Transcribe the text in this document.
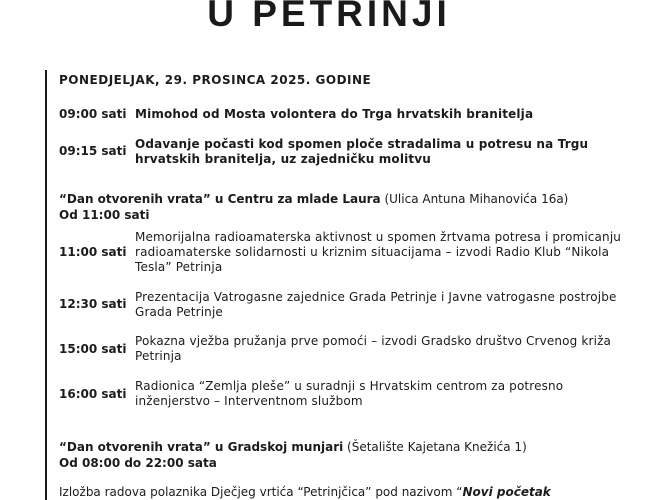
U PETRINJI
PONEDJELJAK, 29. PROSINCA 2025. GODINE
09:00 sati Mimohod od Mosta volontera do Trga hrvatskih branitelja
09:15 sati Odavanje počasti kod spomen ploče stradalima u potresu na Trgu hrvatskih branitelja, uz zajedničku molitvu
“Dan otvorenih vrata” u Centru za mlade Laura (Ulica Antuna Mihanovića 16a)
Od 11:00 sati
11:00 sati
Memorijalna radioamaterska aktivnost u spomen žrtvama potresa i promicanju radioamaterske solidarnosti u kriznim situacijama – izvodi Radio Klub “Nikola Tesla” Petrinja
12:30 sati Prezentacija Vatrogasne zajednice Grada Petrinje i Javne vatrogasne postrojbe Grada Petrinje
15:00 sati
Pokazna vježba pružanja prve pomoći – izvodi Gradsko društvo Crvenog križa Petrinja
16:00 sati
Radionica “Zemlja pleše” u suradnji s Hrvatskim centrom za potresno inženjerstvo – Interventnom službom
“Dan otvorenih vrata” u Gradskoj munjari (Šetalište Kajetana Knežića 1)
Od 08:00 do 22:00 sata
Izložba radova polaznika Dječjeg vrtića “Petrinjčica” pod nazivom “Novi početak
